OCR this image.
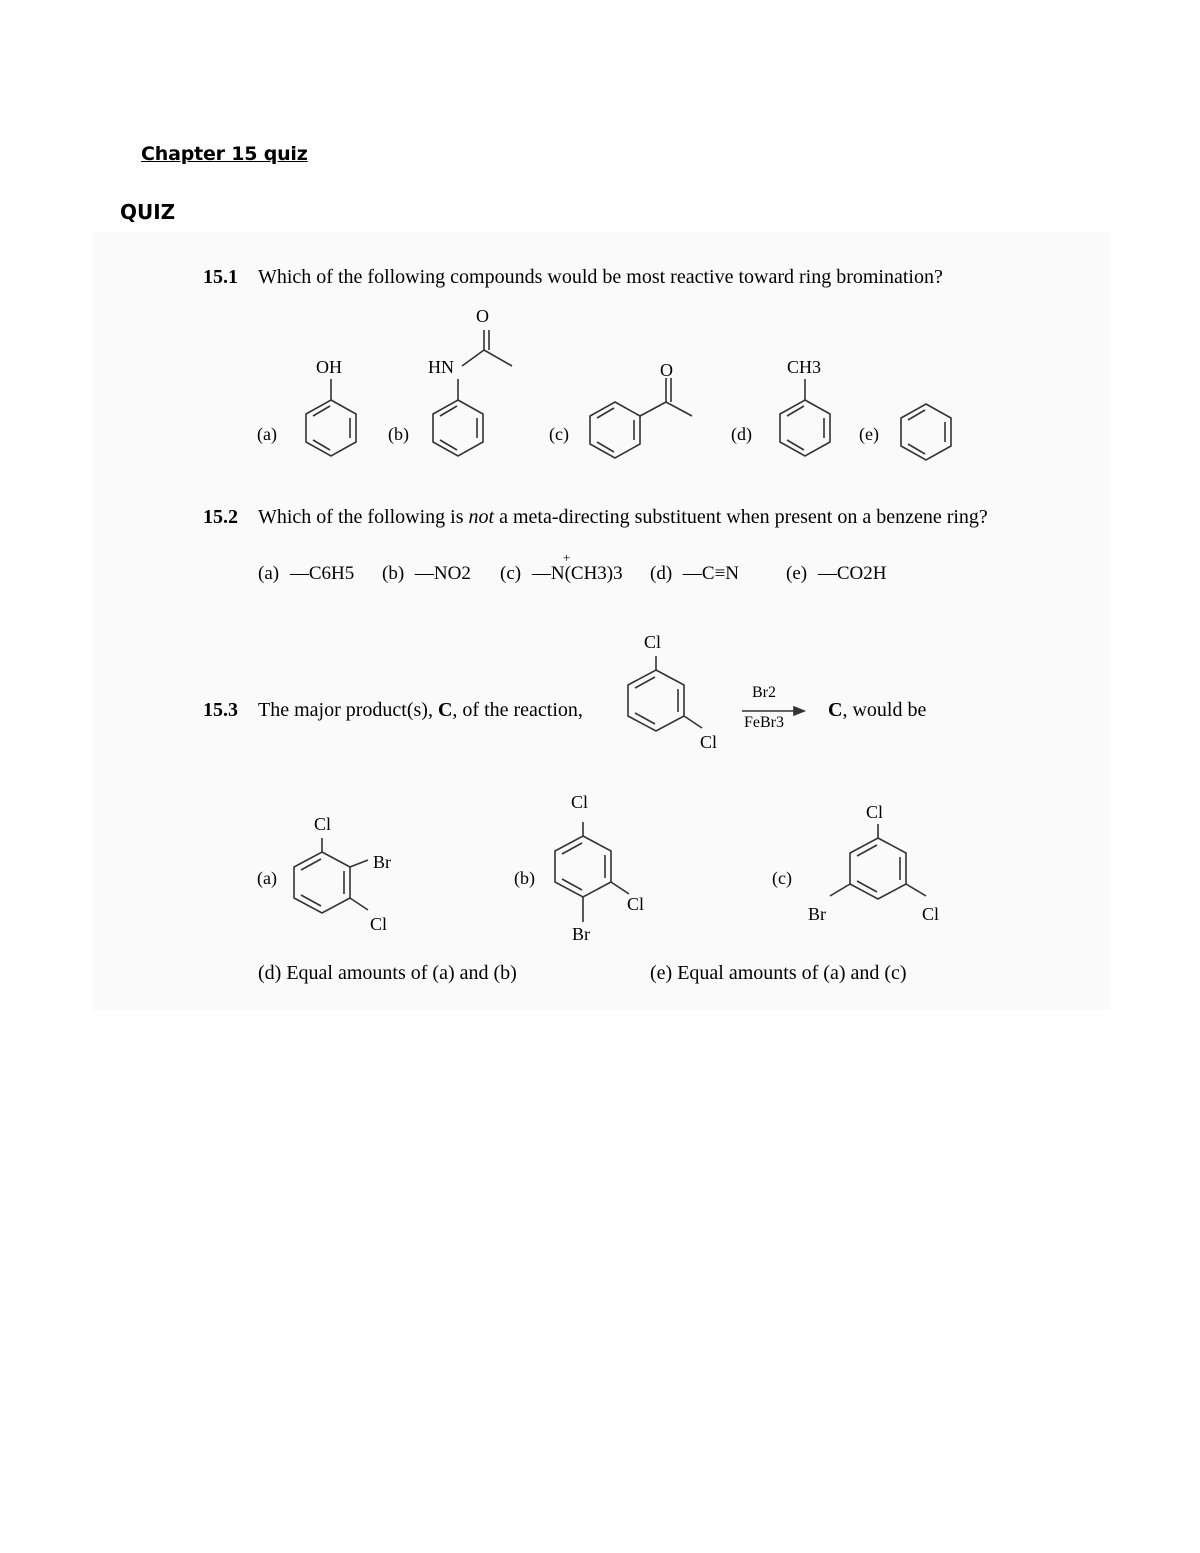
Chapter 15 quiz
QUIZ
15.1 Which of the following compounds would be most reactive toward ring bromination?
(a)
OH
(b)
HN
O
(c)
O
(d)
CH3
(e)
15.2 Which of the following is not a meta-directing substituent when present on a benzene ring?
(a) —C6H5 (b) —NO2 (c) —N(CH3)3
+
(d) —C≡N (e) —CO2H
15.3 The major product(s), C, of the reaction,
Cl
Cl
Br2
FeBr3
C, would be
(a)
Cl
Br
Cl
(b)
Cl
Cl
Br
(c)
Cl
Br	Cl
(d) Equal amounts of (a) and (b)	(e) Equal amounts of (a) and (c)
